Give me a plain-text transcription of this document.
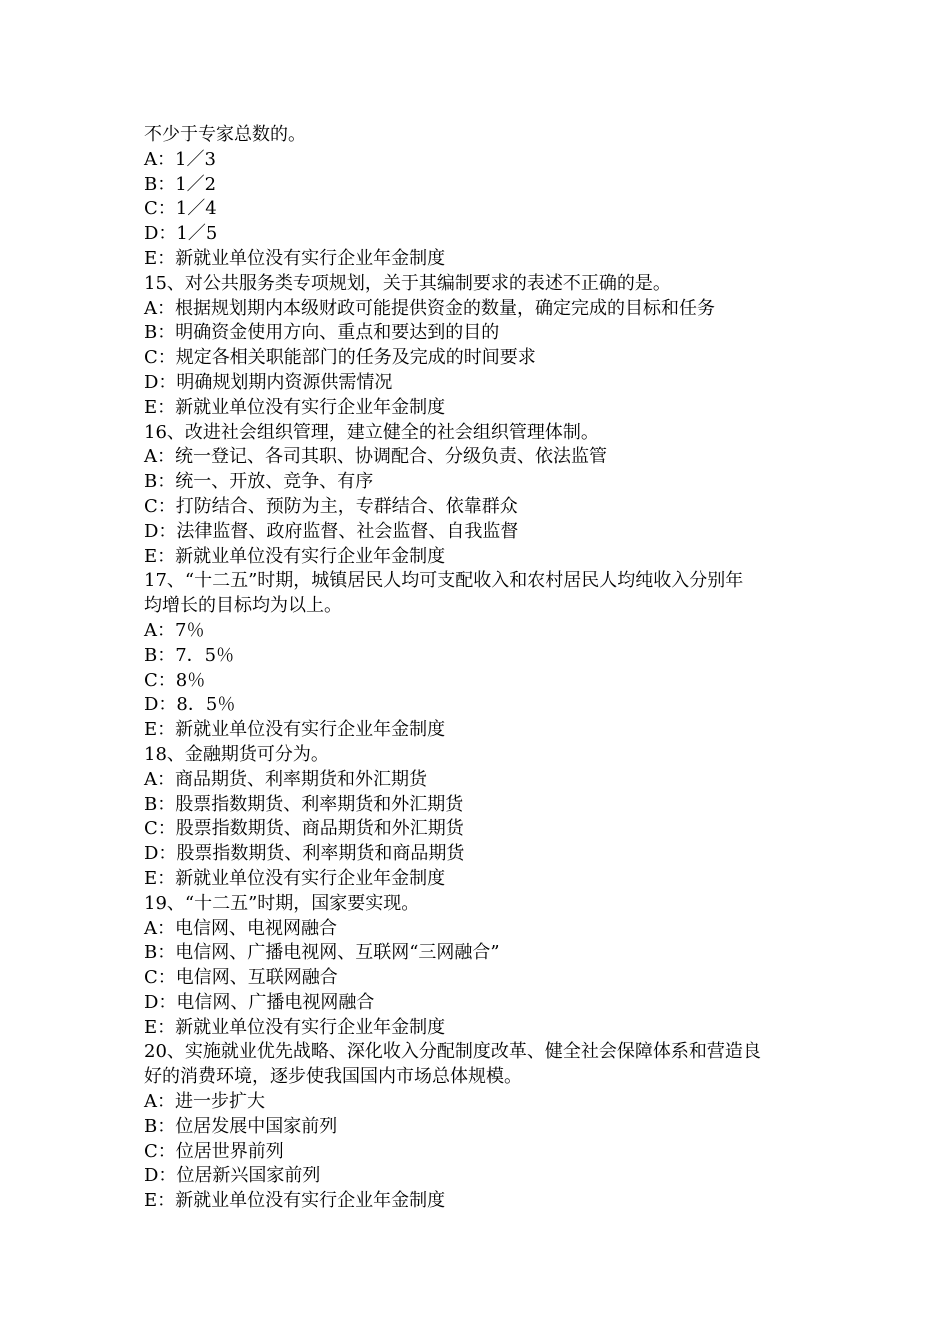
不少于专家总数的。

A：1／3

B：1／2

C：1／4

D：1／5

E：新就业单位没有实行企业年金制度

15、对公共服务类专项规划，关于其编制要求的表述不正确的是。

A：根据规划期内本级财政可能提供资金的数量，确定完成的目标和任务

B：明确资金使用方向、重点和要达到的目的

C：规定各相关职能部门的任务及完成的时间要求

D：明确规划期内资源供需情况

E：新就业单位没有实行企业年金制度

16、改进社会组织管理，建立健全的社会组织管理体制。

A：统一登记、各司其职、协调配合、分级负责、依法监管

B：统一、开放、竞争、有序

C：打防结合、预防为主，专群结合、依靠群众

D：法律监督、政府监督、社会监督、自我监督

E：新就业单位没有实行企业年金制度

17、“十二五”时期，城镇居民人均可支配收入和农村居民人均纯收入分别年

均增长的目标均为以上。

A：7％

B：7．5％

C：8％

D：8．5％

E：新就业单位没有实行企业年金制度

18、金融期货可分为。

A：商品期货、利率期货和外汇期货

B：股票指数期货、利率期货和外汇期货

C：股票指数期货、商品期货和外汇期货

D：股票指数期货、利率期货和商品期货

E：新就业单位没有实行企业年金制度

19、“十二五”时期，国家要实现。

A：电信网、电视网融合

B：电信网、广播电视网、互联网“三网融合”

C：电信网、互联网融合

D：电信网、广播电视网融合

E：新就业单位没有实行企业年金制度

20、实施就业优先战略、深化收入分配制度改革、健全社会保障体系和营造良

好的消费环境，逐步使我国国内市场总体规模。

A：进一步扩大

B：位居发展中国家前列

C：位居世界前列

D：位居新兴国家前列

E：新就业单位没有实行企业年金制度
